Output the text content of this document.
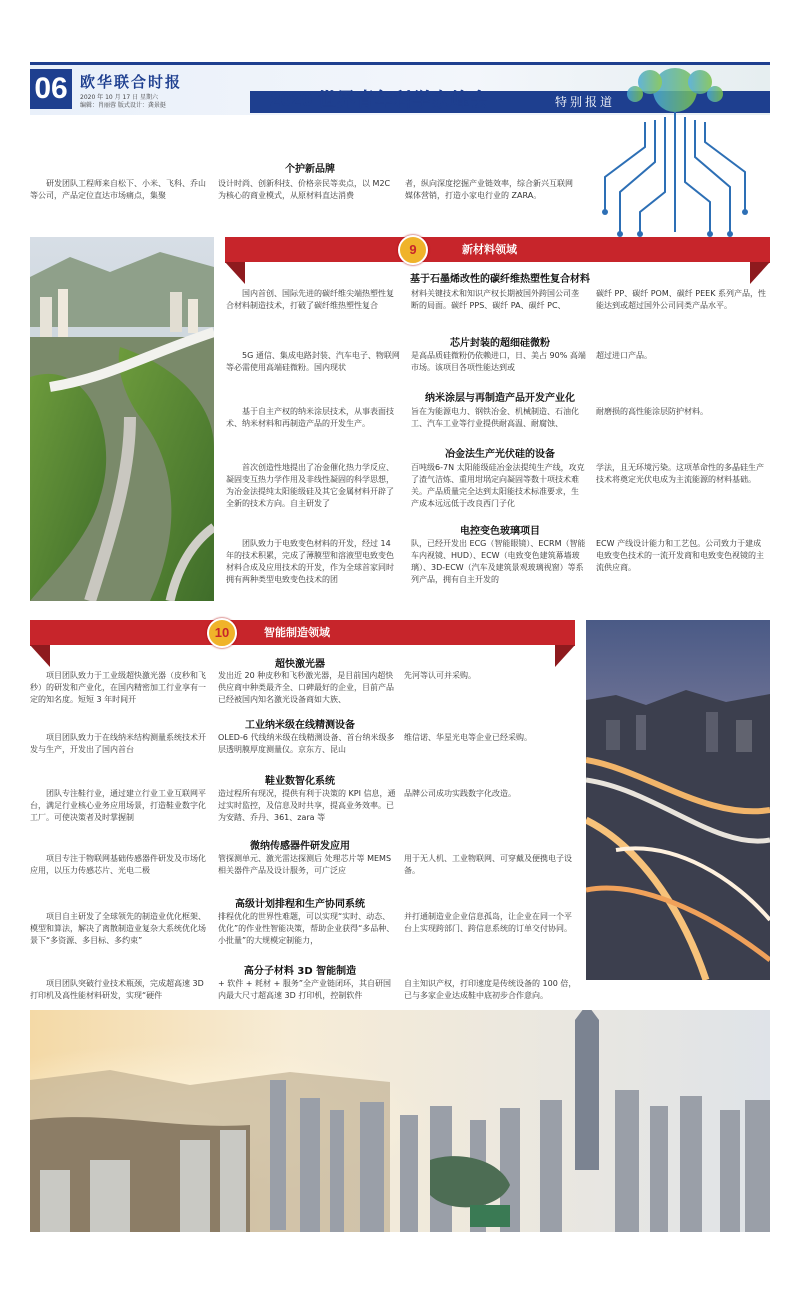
06 欧华联合时报
2020 年 10 月 17 日 星期六
编辑：肖丽蓉 版式设计：龚景挺	2020 世界青年科学家峰会	特别报道
个护新品牌

研发团队工程师来自松下、小米、飞科、乔山等公司，产品定位直达市场痛点，集聚

设计时尚、创新科技、价格亲民等卖点，以 M2C 为核心的商业模式，从原材料直达消费

者，纵向深度挖掘产业链效率，综合新兴互联网媒体营销，打造小家电行业的 ZARA。

9	新材料领域
基于石墨烯改性的碳纤维热塑性复合材料

国内首创、国际先进的碳纤维尖端热塑性复合材料制造技术，打破了碳纤维热塑性复合

材料关键技术和知识产权长期被国外跨国公司垄断的局面。碳纤 PPS、碳纤 PA、碳纤 PC、

碳纤 PP、碳纤 POM、碳纤 PEEK 系列产品，性能达到或超过国外公司同类产品水平。

芯片封装的超细硅微粉

5G 通信、集成电路封装、汽车电子、物联网等必需使用高端硅微粉。国内现状

是高品质硅微粉仍依赖进口，日、美占 90% 高端市场。该项目各项性能达到或

超过进口产品。

纳米涂层与再制造产品开发产业化

基于自主产权的纳米涂层技术，从事表面技术、纳米材料和再制造产品的开发生产。

旨在为能源电力、钢铁冶金、机械制造、石油化工、汽车工业等行业提供耐高温、耐腐蚀、

耐磨损的高性能涂层防护材料。

冶金法生产光伏硅的设备

首次创造性地提出了冶金催化热力学反应、凝固变互热力学作用及非线性凝固的科学思想，为冶金法提纯太阳能级硅及其它金属材料开辟了全新的技术方向。自主研发了

百吨级6-7N 太阳能级硅冶金法提纯生产线，攻克了渣气洁炼、重用坩埚定向凝固等数十项技术难关。产品质量完全达到太阳能技术标准要求，生产成本远远低于改良西门子化

学法，且无环境污染。这项革命性的多晶硅生产技术将奠定光伏电成为主流能源的材料基础。

电控变色玻璃项目

团队致力于电致变色材料的开发，经过 14 年的技术积累，完成了薄膜型和溶液型电致变色材料合成及应用技术的开发，作为全球首家同时拥有两种类型电致变色技术的团

队，已经开发出 ECG（智能眼镜）、ECRM（智能车内视镜、HUD）、ECW（电致变色建筑幕墙玻璃）、3D-ECW（汽车及建筑景观玻璃视窗）等系列产品，拥有自主开发的

ECW 产线设计能力和工艺包。公司致力于建成电致变色技术的一流开发商和电致变色视镜的主流供应商。

10	智能制造领域
超快激光器

项目团队致力于工业级超快激光器（皮秒和飞秒）的研发和产业化，在国内精密加工行业享有一定的知名度。短短 3 年时间开

发出近 20 种皮秒和飞秒激光器，是目前国内超快供应商中种类最齐全、口碑最好的企业，目前产品已经被国内知名激光设备商如大族、

先河等认可并采购。

工业纳米级在线精测设备

项目团队致力于在线纳米结构测量系统技术开发与生产，开发出了国内首台

OLED-6 代线纳米级在线精测设备、首台纳米级多层透明膜厚度测量仪。京东方、昆山

维信诺、华星光电等企业已经采购。

鞋业数智化系统

团队专注鞋行业，通过建立行业工业互联网平台，满足行业核心业务应用场景，打造鞋业数字化工厂。可使决策者及时掌握制

造过程所有现况，提供有利于决策的 KPI 信息，通过实时监控，及信息及时共享，提高业务效率。已为安踏、乔丹、361、zara 等

品牌公司成功实践数字化改造。

微纳传感器件研发应用

项目专注于物联网基础传感器件研发及市场化应用，以压力传感芯片、光电二极

管探测单元、激光雷达探测后 处理芯片等 MEMS 相关器件产品及设计服务，可广泛应

用于无人机、工业物联网、可穿戴及便携电子设备。

高级计划排程和生产协同系统

项目自主研发了全球领先的制造业优化框架、模型和算法，解决了离散制造业复杂大系统优化场景下“多资源、多目标、多约束”

排程优化的世界性难题，可以实现“实时、动态、优化”的作业性智能决策，帮助企业获得“多品种、小批量”的大规模定制能力，

并打通制造业企业信息孤岛，让企业在同一个平台上实现跨部门、跨信息系统的订单交付协同。

高分子材料 3D 智能制造

项目团队突破行业技术瓶颈，完成超高速 3D 打印机及高性能材料研发，实现“硬件

+ 软件 + 耗材 + 服务”全产业链闭环，其自研国内最大尺寸超高速 3D 打印机，控制软件

自主知识产权，打印速度是传统设备的 100 倍，已与多家企业达成鞋中底初步合作意向。
